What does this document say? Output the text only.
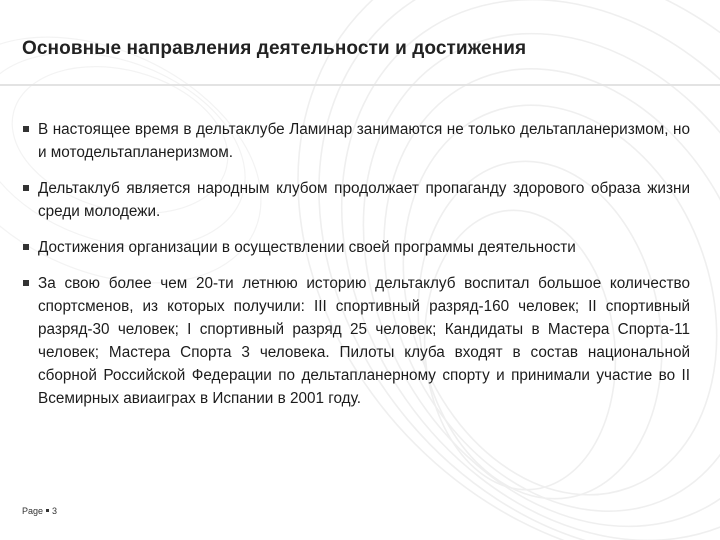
Основные направления деятельности и достижения
В настоящее время в дельтаклубе Ламинар занимаются не только дельтапланеризмом, но и мотодельтапланеризмом.
Дельтаклуб является народным клубом продолжает пропаганду здорового образа жизни среди молодежи.
Достижения организации в осуществлении своей программы деятельности
За свою более чем 20-ти летнюю историю дельтаклуб воспитал большое количество спортсменов, из которых получили: III спортивный разряд-160 человек; II спортивный разряд-30 человек; I спортивный разряд 25 человек; Кандидаты в Мастера Спорта-11 человек; Мастера Спорта 3 человека. Пилоты клуба входят в состав национальной сборной Российской Федерации по дельтапланерному спорту и принимали участие во II Всемирных авиаиграх в Испании в 2001 году.
Page 3
